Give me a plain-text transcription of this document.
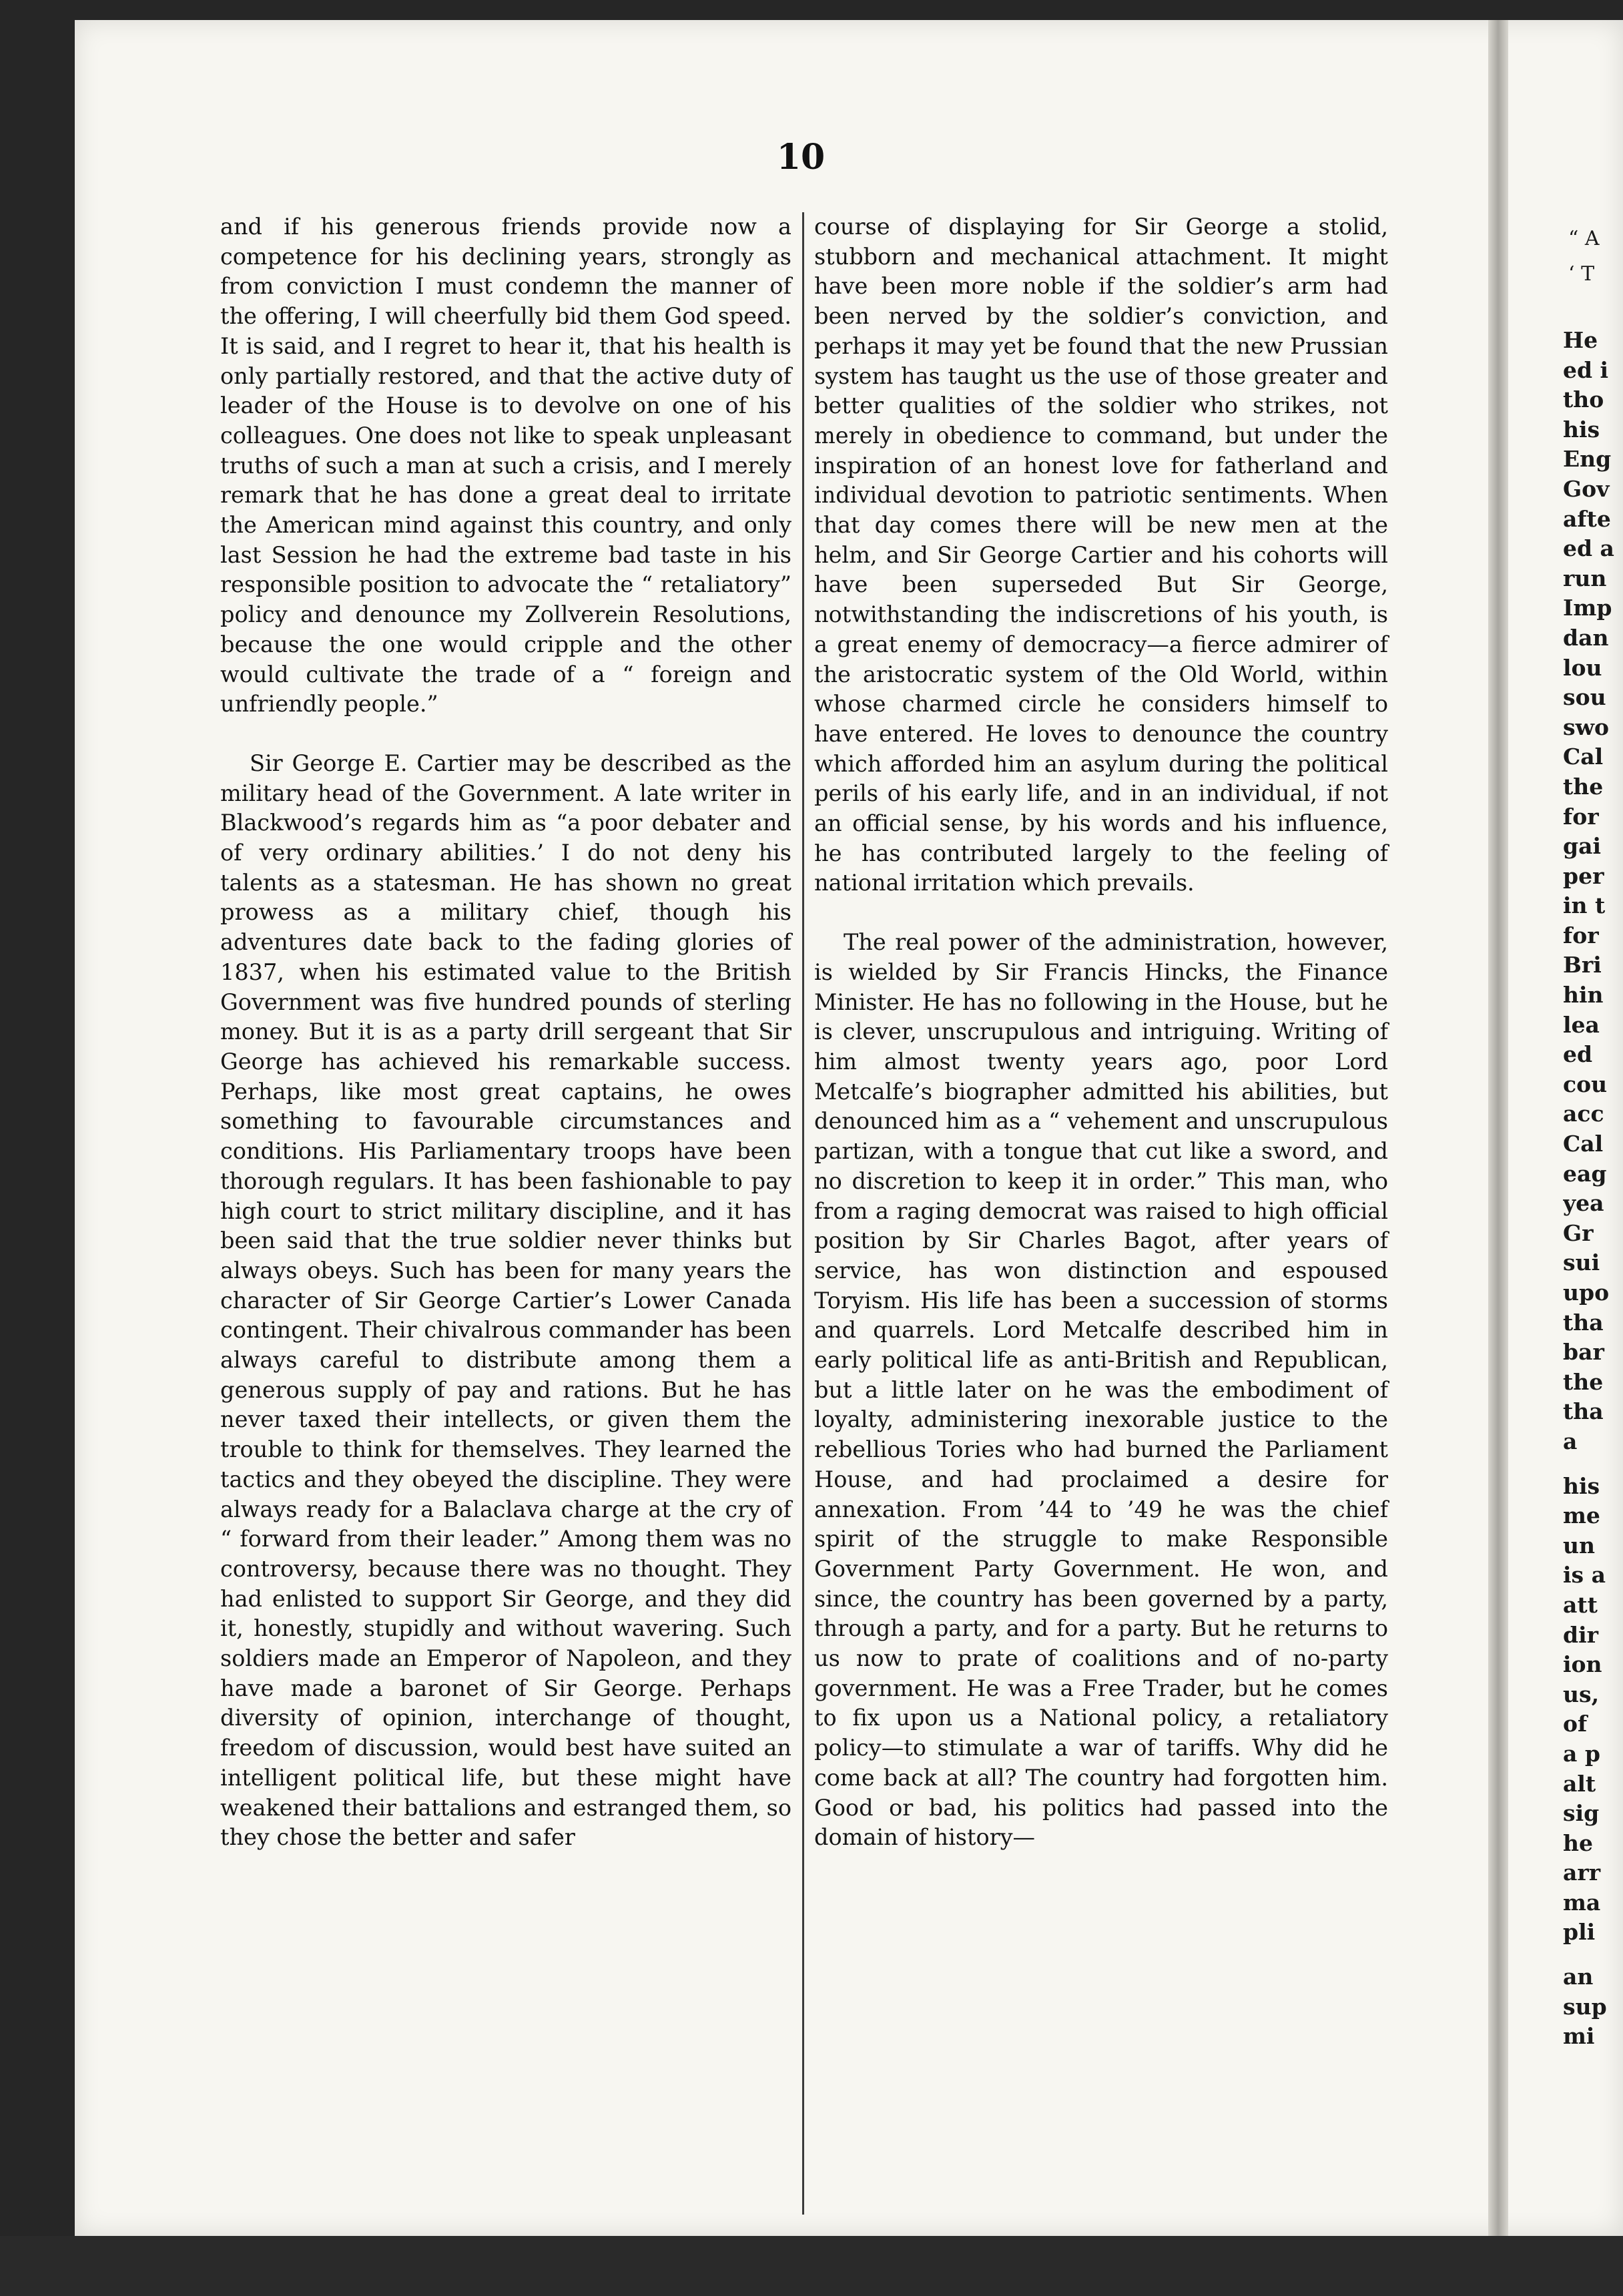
10

and if his generous friends provide now a competence for his declining years, strongly as from conviction I must condemn the manner of the offering, I will cheerfully bid them God speed. It is said, and I regret to hear it, that his health is only partially restored, and that the active duty of leader of the House is to devolve on one of his colleagues. One does not like to speak unpleasant truths of such a man at such a crisis, and I merely remark that he has done a great deal to irritate the American mind against this country, and only last Session he had the extreme bad taste in his responsible position to advocate the “ retaliatory” policy and denounce my Zollverein Resolutions, because the one would cripple and the other would cultivate the trade of a “ foreign and unfriendly people.”

Sir George E. Cartier may be described as the military head of the Government. A late writer in Blackwood’s regards him as “a poor debater and of very ordinary abilities.’ I do not deny his talents as a statesman. He has shown no great prowess as a military chief, though his adventures date back to the fading glories of 1837, when his estimated value to the British Government was five hundred pounds of sterling money. But it is as a party drill sergeant that Sir George has achieved his remarkable success. Perhaps, like most great captains, he owes something to favourable circumstances and conditions. His Parliamentary troops have been thorough regulars. It has been fashionable to pay high court to strict military discipline, and it has been said that the true soldier never thinks but always obeys. Such has been for many years the character of Sir George Cartier’s Lower Canada contingent. Their chivalrous commander has been always careful to distribute among them a generous supply of pay and rations. But he has never taxed their intellects, or given them the trouble to think for themselves. They learned the tactics and they obeyed the discipline. They were always ready for a Balaclava charge at the cry of “ forward from their leader.” Among them was no controversy, because there was no thought. They had enlisted to support Sir George, and they did it, honestly, stupidly and without wavering. Such soldiers made an Emperor of Napoleon, and they have made a baronet of Sir George. Perhaps diversity of opinion, interchange of thought, freedom of discussion, would best have suited an intelligent political life, but these might have weakened their battalions and estranged them, so they chose the better and safer

course of displaying for Sir George a stolid, stubborn and mechanical attachment. It might have been more noble if the soldier’s arm had been nerved by the soldier’s conviction, and perhaps it may yet be found that the new Prussian system has taught us the use of those greater and better qualities of the soldier who strikes, not merely in obedience to command, but under the inspiration of an honest love for fatherland and individual devotion to patriotic sentiments. When that day comes there will be new men at the helm, and Sir George Cartier and his cohorts will have been superseded But Sir George, notwithstanding the indiscretions of his youth, is a great enemy of democracy—a fierce admirer of the aristocratic system of the Old World, within whose charmed circle he considers himself to have entered. He loves to denounce the country which afforded him an asylum during the political perils of his early life, and in an individual, if not an official sense, by his words and his influence, he has contributed largely to the feeling of national irritation which prevails.

The real power of the administration, however, is wielded by Sir Francis Hincks, the Finance Minister. He has no following in the House, but he is clever, unscrupulous and intriguing. Writing of him almost twenty years ago, poor Lord Metcalfe’s biographer admitted his abilities, but denounced him as a “ vehement and unscrupulous partizan, with a tongue that cut like a sword, and no discretion to keep it in order.” This man, who from a raging democrat was raised to high official position by Sir Charles Bagot, after years of service, has won distinction and espoused Toryism. His life has been a succession of storms and quarrels. Lord Metcalfe described him in early political life as anti-British and Republican, but a little later on he was the embodiment of loyalty, administering inexorable justice to the rebellious Tories who had burned the Parliament House, and had proclaimed a desire for annexation. From ’44 to ’49 he was the chief spirit of the struggle to make Responsible Government Party Government. He won, and since, the country has been governed by a party, through a party, and for a party. But he returns to us now to prate of coalitions and of no-party government. He was a Free Trader, but he comes to fix upon us a National policy, a retaliatory policy—to stimulate a war of tariffs. Why did he come back at all? The country had forgotten him. Good or bad, his politics had passed into the domain of history—

“ A
‘ T
He
ed i
tho
his
Eng
Gov
afte
ed a
run
Imp
dan
lou
sou
swo
Cal
the
for
gai
per
in t
for
Bri
hin
lea
ed
cou
acc
Cal
eag
yea
Gr
sui
upo
tha
bar
the
tha
a
his
me
un
is a
att
dir
ion
us,
of
a p
alt
sig
he
arr
ma
pli
an
sup
mi
